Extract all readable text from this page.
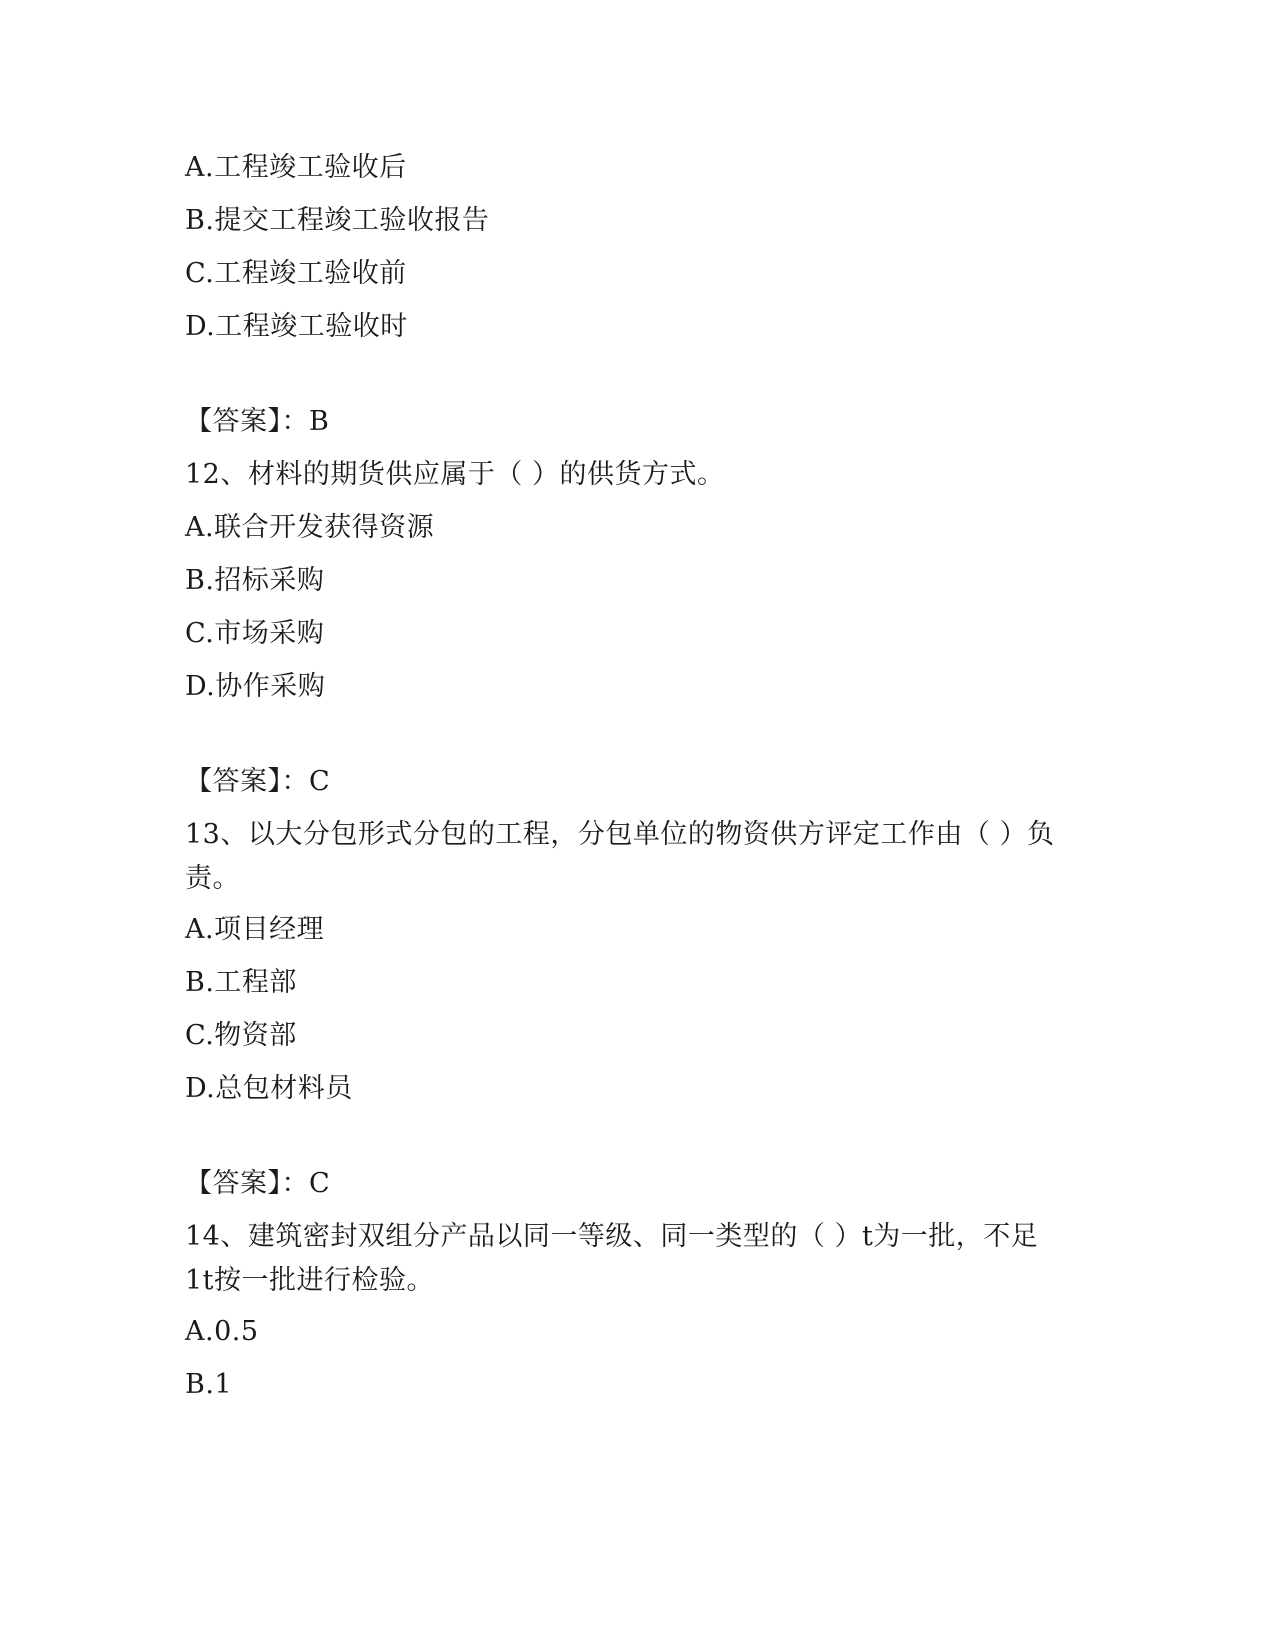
A.工程竣工验收后
B.提交工程竣工验收报告
C.工程竣工验收前
D.工程竣工验收时
【答案】：B
12、材料的期货供应属于（ ）的供货方式。
A.联合开发获得资源
B.招标采购
C.市场采购
D.协作采购
【答案】：C
13、以大分包形式分包的工程，分包单位的物资供方评定工作由（ ）负责。
A.项目经理
B.工程部
C.物资部
D.总包材料员
【答案】：C
14、建筑密封双组分产品以同一等级、同一类型的（ ）t为一批，不足1t按一批进行检验。
A.0.5
B.1
